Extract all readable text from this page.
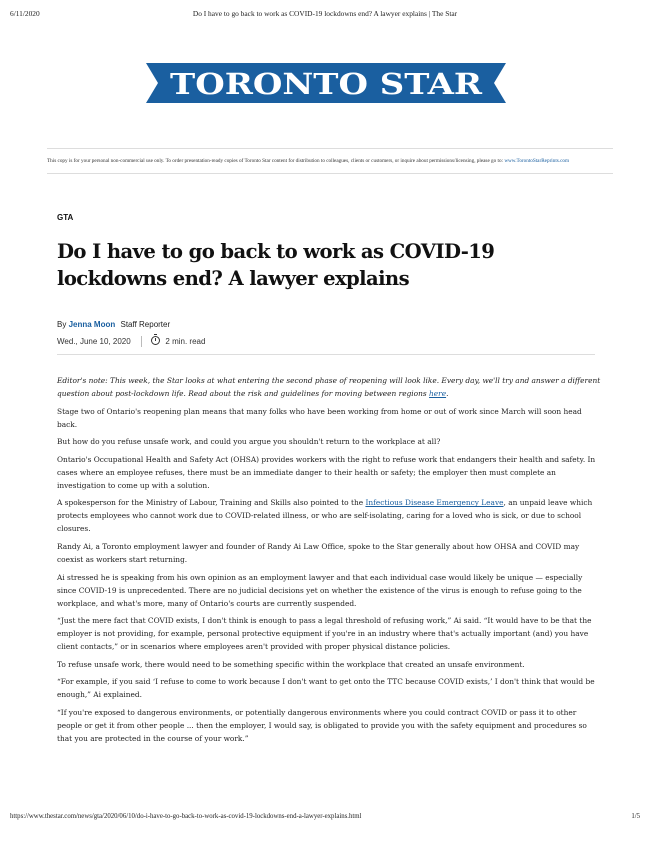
6/11/2020	Do I have to go back to work as COVID-19 lockdowns end? A lawyer explains | The Star
TORONTO STAR
This copy is for your personal non-commercial use only. To order presentation-ready copies of Toronto Star content for distribution to colleagues, clients or customers, or inquire about permissions/licensing, please go to: www.TorontoStarReprints.com
GTA
Do I have to go back to work as COVID-19 lockdowns end? A lawyer explains
By Jenna Moon Staff Reporter
Wed., June 10, 2020	2 min. read

Editor's note: This week, the Star looks at what entering the second phase of reopening will look like. Every day, we'll try and answer a different question about post-lockdown life. Read about the risk and guidelines for moving between regions here.

Stage two of Ontario's reopening plan means that many folks who have been working from home or out of work since March will soon head back.

But how do you refuse unsafe work, and could you argue you shouldn't return to the workplace at all?

Ontario's Occupational Health and Safety Act (OHSA) provides workers with the right to refuse work that endangers their health and safety. In cases where an employee refuses, there must be an immediate danger to their health or safety; the employer then must complete an investigation to come up with a solution.

A spokesperson for the Ministry of Labour, Training and Skills also pointed to the Infectious Disease Emergency Leave, an unpaid leave which protects employees who cannot work due to COVID-related illness, or who are self-isolating, caring for a loved who is sick, or due to school closures.

Randy Ai, a Toronto employment lawyer and founder of Randy Ai Law Office, spoke to the Star generally about how OHSA and COVID may coexist as workers start returning.

Ai stressed he is speaking from his own opinion as an employment lawyer and that each individual case would likely be unique — especially since COVID-19 is unprecedented. There are no judicial decisions yet on whether the existence of the virus is enough to refuse going to the workplace, and what's more, many of Ontario's courts are currently suspended.

“Just the mere fact that COVID exists, I don't think is enough to pass a legal threshold of refusing work,” Ai said. “It would have to be that the employer is not providing, for example, personal protective equipment if you're in an industry where that's actually important (and) you have client contacts,” or in scenarios where employees aren't provided with proper physical distance policies.

To refuse unsafe work, there would need to be something specific within the workplace that created an unsafe environment.

“For example, if you said ‘I refuse to come to work because I don't want to get onto the TTC because COVID exists,’ I don't think that would be enough,” Ai explained.

“If you're exposed to dangerous environments, or potentially dangerous environments where you could contract COVID or pass it to other people or get it from other people ... then the employer, I would say, is obligated to provide you with the safety equipment and procedures so that you are protected in the course of your work.”

https://www.thestar.com/news/gta/2020/06/10/do-i-have-to-go-back-to-work-as-covid-19-lockdowns-end-a-lawyer-explains.html	1/5
